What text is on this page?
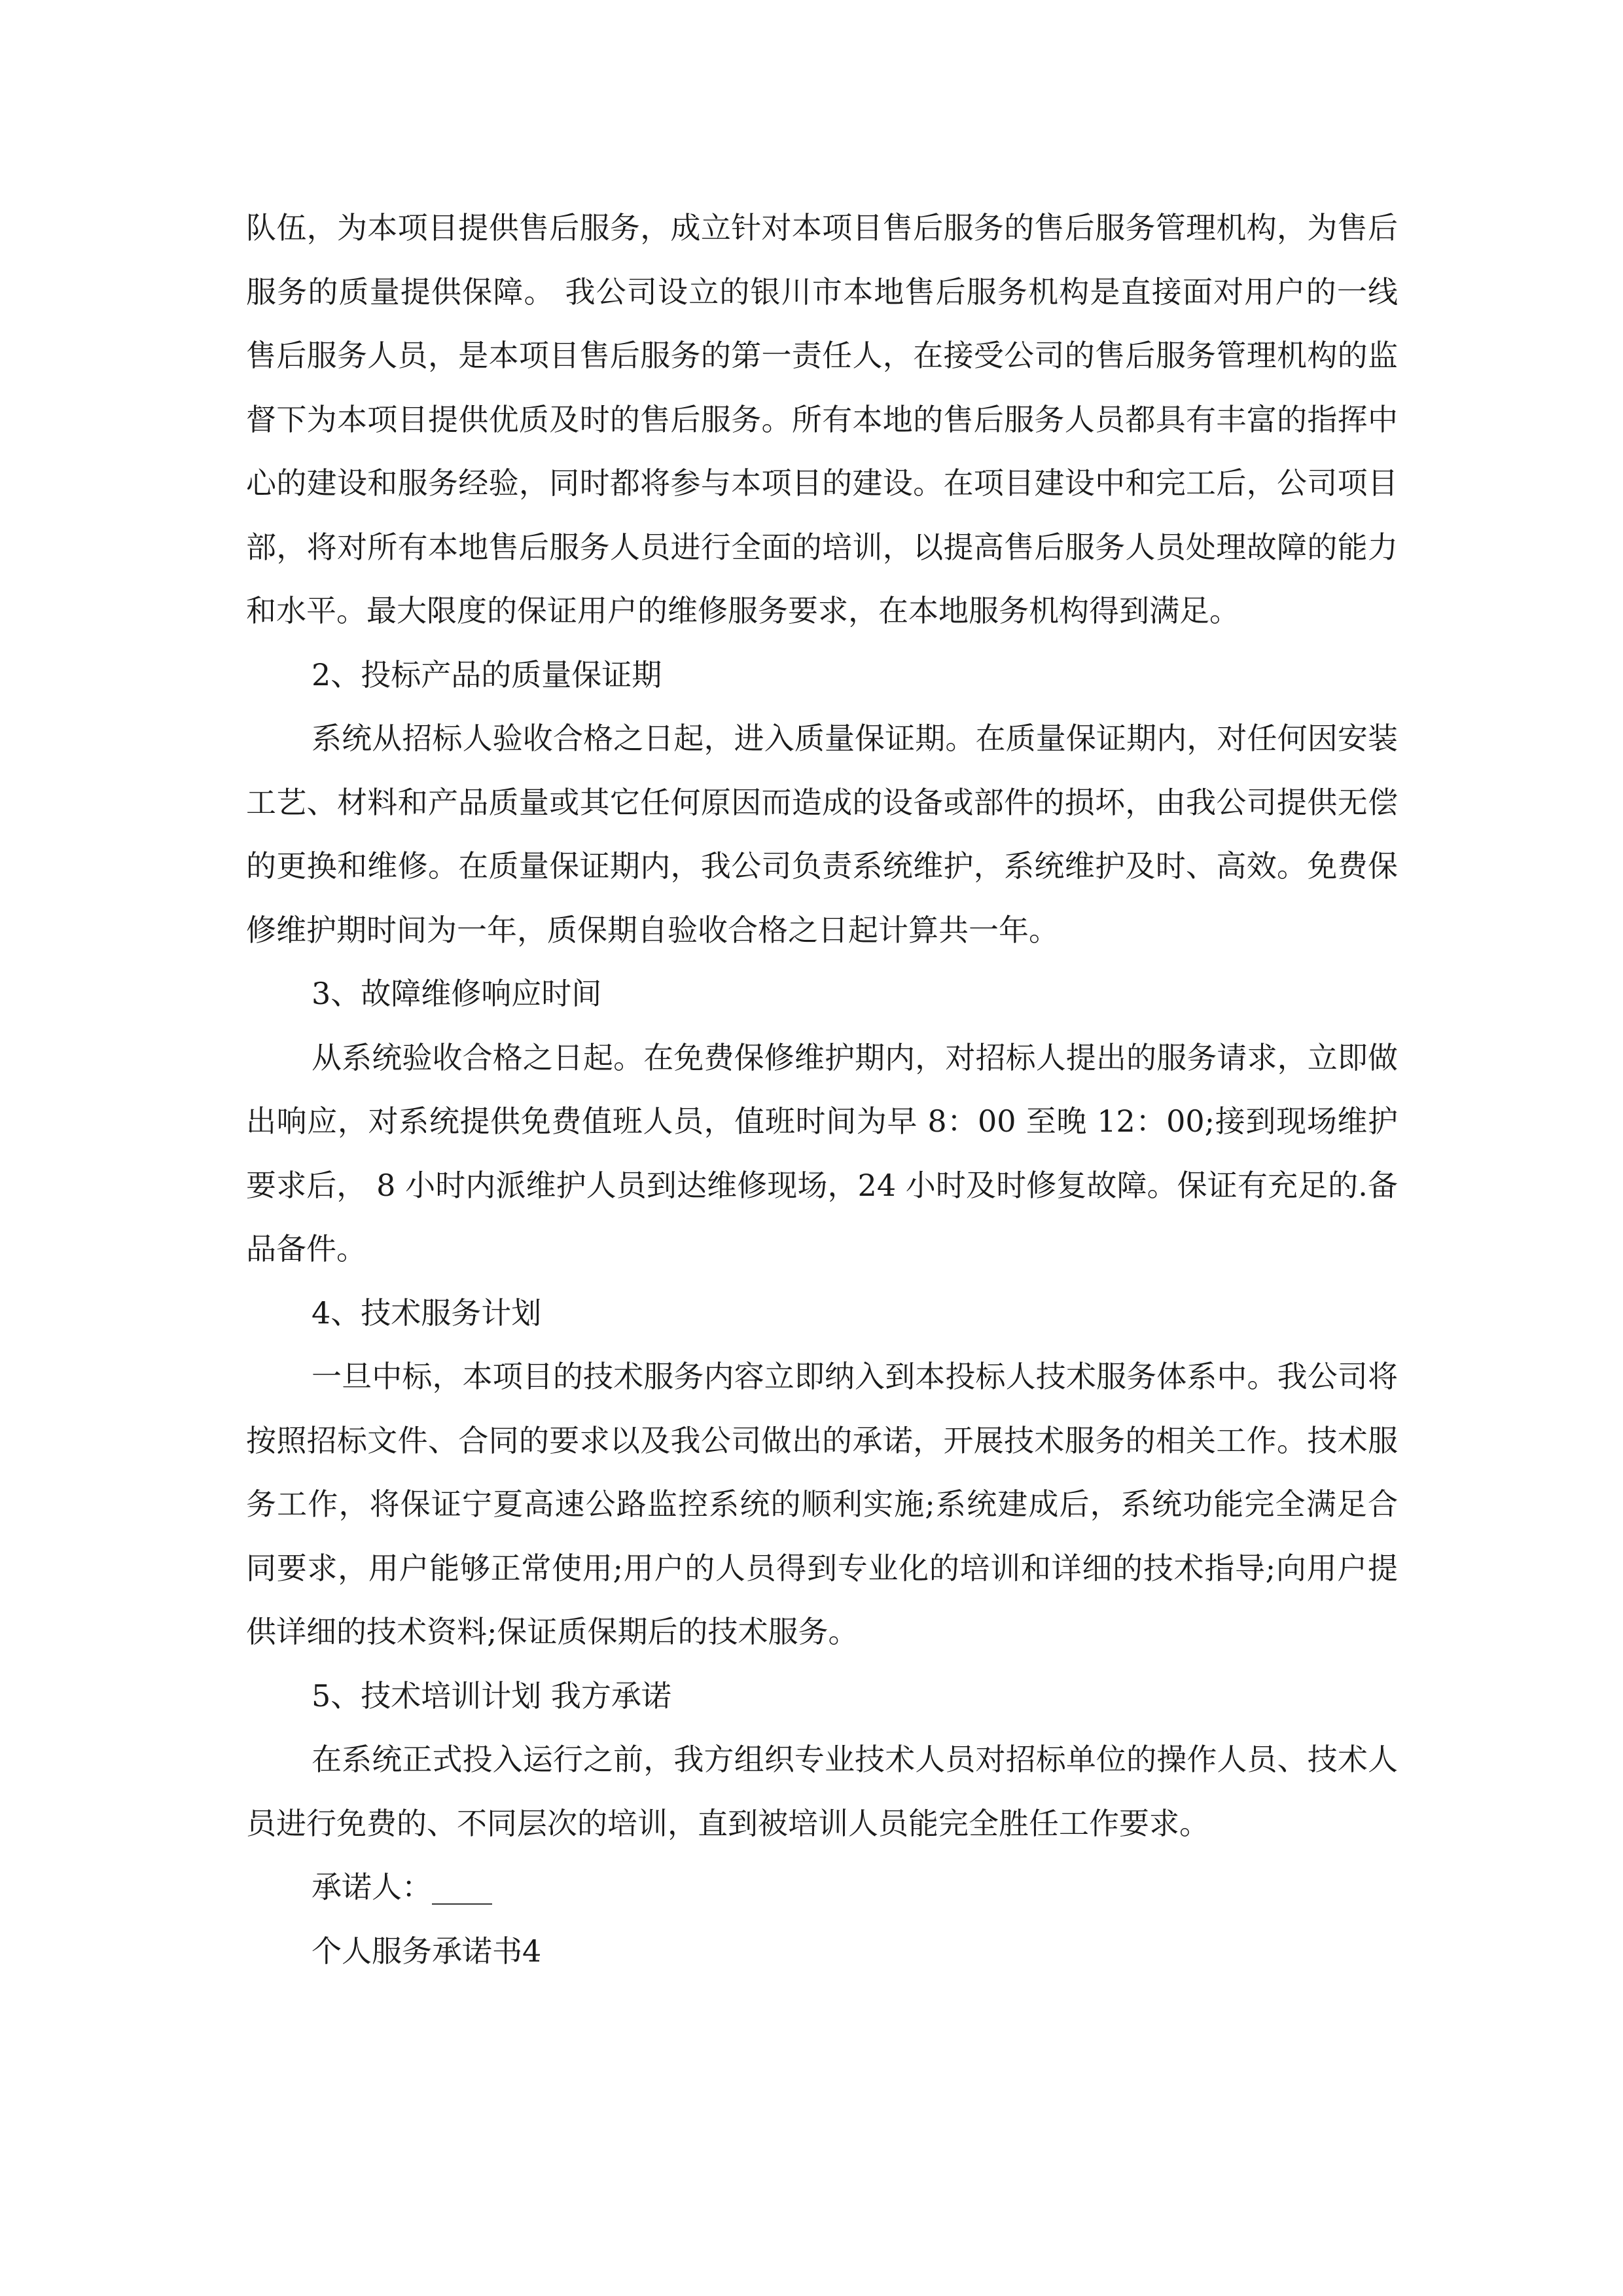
队伍，为本项目提供售后服务，成立针对本项目售后服务的售后服务管理机构，为售后服务的质量提供保障。 我公司设立的银川市本地售后服务机构是直接面对用户的一线售后服务人员，是本项目售后服务的第一责任人，在接受公司的售后服务管理机构的监督下为本项目提供优质及时的售后服务。所有本地的售后服务人员都具有丰富的指挥中心的建设和服务经验，同时都将参与本项目的建设。在项目建设中和完工后，公司项目部，将对所有本地售后服务人员进行全面的培训，以提高售后服务人员处理故障的能力和水平。最大限度的保证用户的维修服务要求，在本地服务机构得到满足。

2、投标产品的质量保证期

系统从招标人验收合格之日起，进入质量保证期。在质量保证期内，对任何因安装工艺、材料和产品质量或其它任何原因而造成的设备或部件的损坏，由我公司提供无偿的更换和维修。在质量保证期内，我公司负责系统维护，系统维护及时、高效。免费保修维护期时间为一年，质保期自验收合格之日起计算共一年。

3、故障维修响应时间

从系统验收合格之日起。在免费保修维护期内，对招标人提出的服务请求，立即做出响应，对系统提供免费值班人员，值班时间为早 8：00 至晚 12：00;接到现场维护要求后， 8 小时内派维护人员到达维修现场，24 小时及时修复故障。保证有充足的.备品备件。

4、技术服务计划

一旦中标，本项目的技术服务内容立即纳入到本投标人技术服务体系中。我公司将按照招标文件、合同的要求以及我公司做出的承诺，开展技术服务的相关工作。技术服务工作，将保证宁夏高速公路监控系统的顺利实施;系统建成后，系统功能完全满足合同要求，用户能够正常使用;用户的人员得到专业化的培训和详细的技术指导;向用户提供详细的技术资料;保证质保期后的技术服务。

5、技术培训计划 我方承诺

在系统正式投入运行之前，我方组织专业技术人员对招标单位的操作人员、技术人员进行免费的、不同层次的培训，直到被培训人员能完全胜任工作要求。

承诺人：____

个人服务承诺书4
